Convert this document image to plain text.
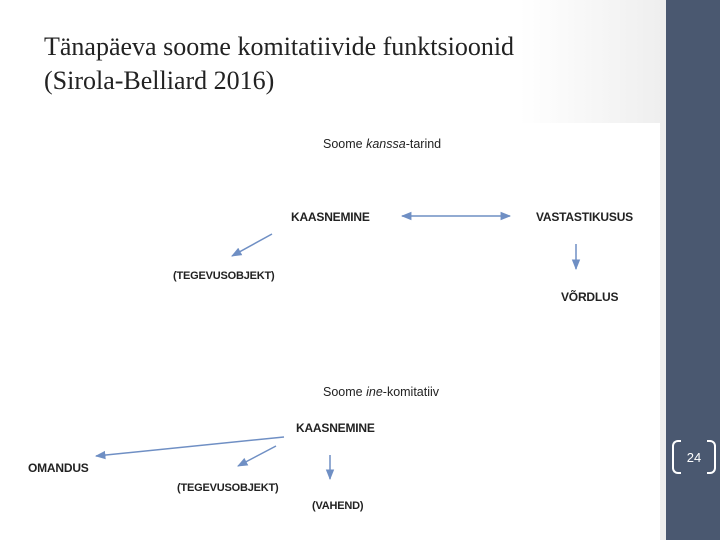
Tänapäeva soome komitatiivide funktsioonid
(Sirola-Belliard 2016)
Soome kanssa-tarind
KAASNEMINE	VASTASTIKUSUS
(TEGEVUSOBJEKT)
VÕRDLUS
Soome ine-komitatiiv
KAASNEMINE
OMANDUS
(TEGEVUSOBJEKT)
(VAHEND)
24
